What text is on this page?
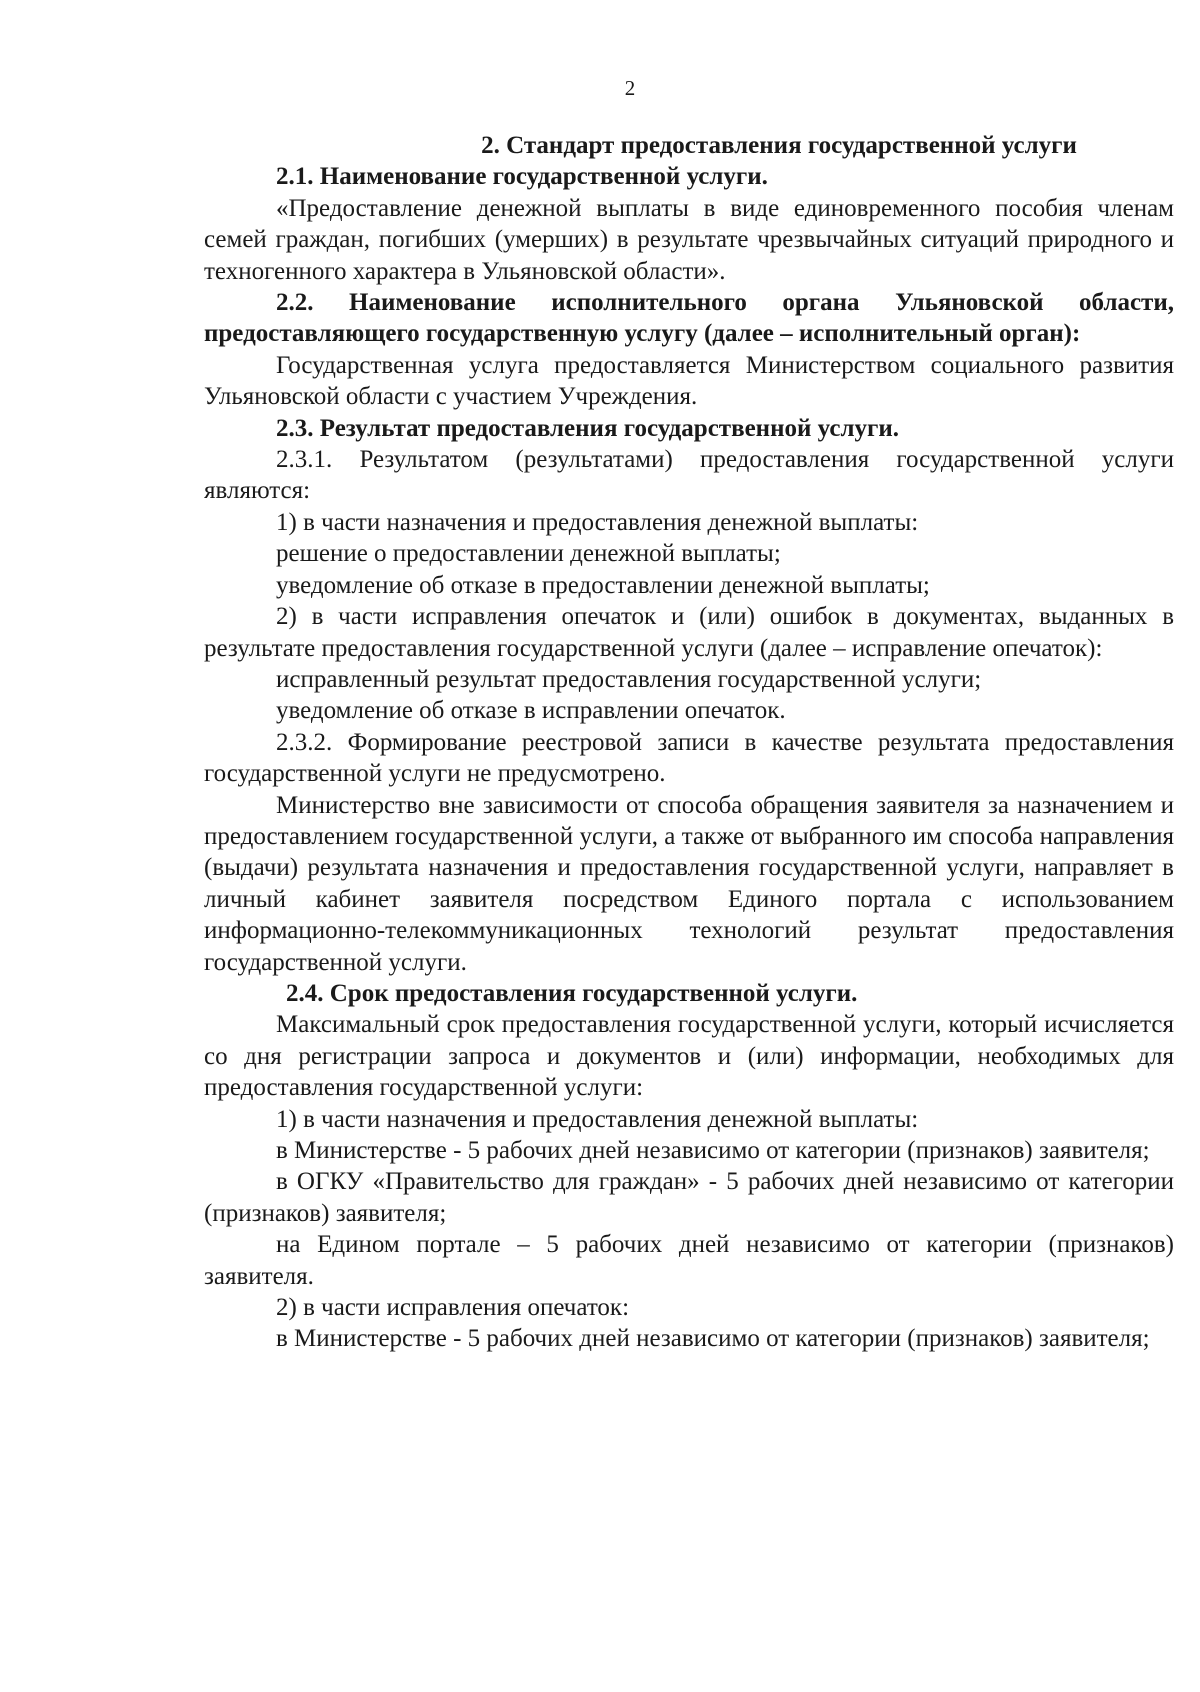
2

2. Стандарт предоставления государственной услуги

2.1. Наименование государственной услуги.

«Предоставление денежной выплаты в виде единовременного пособия членам семей граждан, погибших (умерших) в результате чрезвычайных ситуаций природного и техногенного характера в Ульяновской области».

2.2. Наименование исполнительного органа Ульяновской области, предоставляющего государственную услугу (далее – исполнительный орган):

Государственная услуга предоставляется Министерством социального развития Ульяновской области с участием Учреждения.

2.3. Результат предоставления государственной услуги.

2.3.1. Результатом (результатами) предоставления государственной услуги являются:

1) в части назначения и предоставления денежной выплаты:

решение о предоставлении денежной выплаты;

уведомление об отказе в предоставлении денежной выплаты;

2) в части исправления опечаток и (или) ошибок в документах, выданных в результате предоставления государственной услуги (далее – исправление опечаток):

исправленный результат предоставления государственной услуги;

уведомление об отказе в исправлении опечаток.

2.3.2. Формирование реестровой записи в качестве результата предоставления государственной услуги не предусмотрено.

Министерство вне зависимости от способа обращения заявителя за назначением и предоставлением государственной услуги, а также от выбранного им способа направления (выдачи) результата назначения и предоставления государственной услуги, направляет в личный кабинет заявителя посредством Единого портала с использованием информационно-телекоммуникационных технологий результат предоставления государственной услуги.

2.4. Срок предоставления государственной услуги.

Максимальный срок предоставления государственной услуги, который исчисляется со дня регистрации запроса и документов и (или) информации, необходимых для предоставления государственной услуги:

1) в части назначения и предоставления денежной выплаты:

в Министерстве - 5 рабочих дней независимо от категории (признаков) заявителя;

в ОГКУ «Правительство для граждан» - 5 рабочих дней независимо от категории (признаков) заявителя;

на Едином портале – 5 рабочих дней независимо от категории (признаков) заявителя.

2) в части исправления опечаток:

в Министерстве - 5 рабочих дней независимо от категории (признаков) заявителя;
